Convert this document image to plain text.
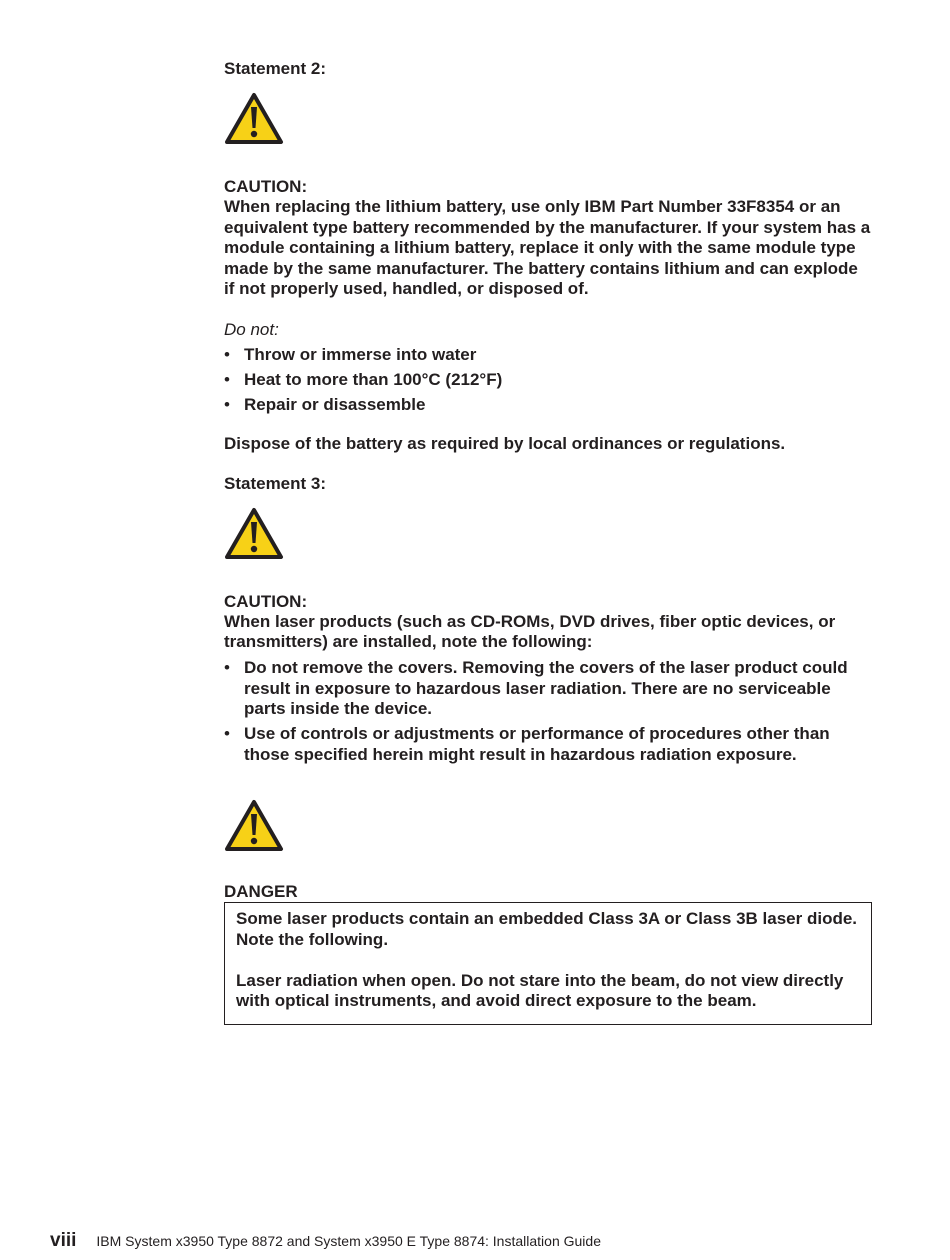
Statement 2:

CAUTION:

When replacing the lithium battery, use only IBM Part Number 33F8354 or an equivalent type battery recommended by the manufacturer. If your system has a module containing a lithium battery, replace it only with the same module type made by the same manufacturer. The battery contains lithium and can explode if not properly used, handled, or disposed of.

Do not:

• Throw or immerse into water
• Heat to more than 100°C (212°F)
• Repair or disassemble

Dispose of the battery as required by local ordinances or regulations.

Statement 3:

CAUTION:

When laser products (such as CD-ROMs, DVD drives, fiber optic devices, or transmitters) are installed, note the following:

• Do not remove the covers. Removing the covers of the laser product could result in exposure to hazardous laser radiation. There are no serviceable parts inside the device.
• Use of controls or adjustments or performance of procedures other than those specified herein might result in hazardous radiation exposure.

DANGER

Some laser products contain an embedded Class 3A or Class 3B laser diode. Note the following.

Laser radiation when open. Do not stare into the beam, do not view directly with optical instruments, and avoid direct exposure to the beam.

viii IBM System x3950 Type 8872 and System x3950 E Type 8874: Installation Guide
